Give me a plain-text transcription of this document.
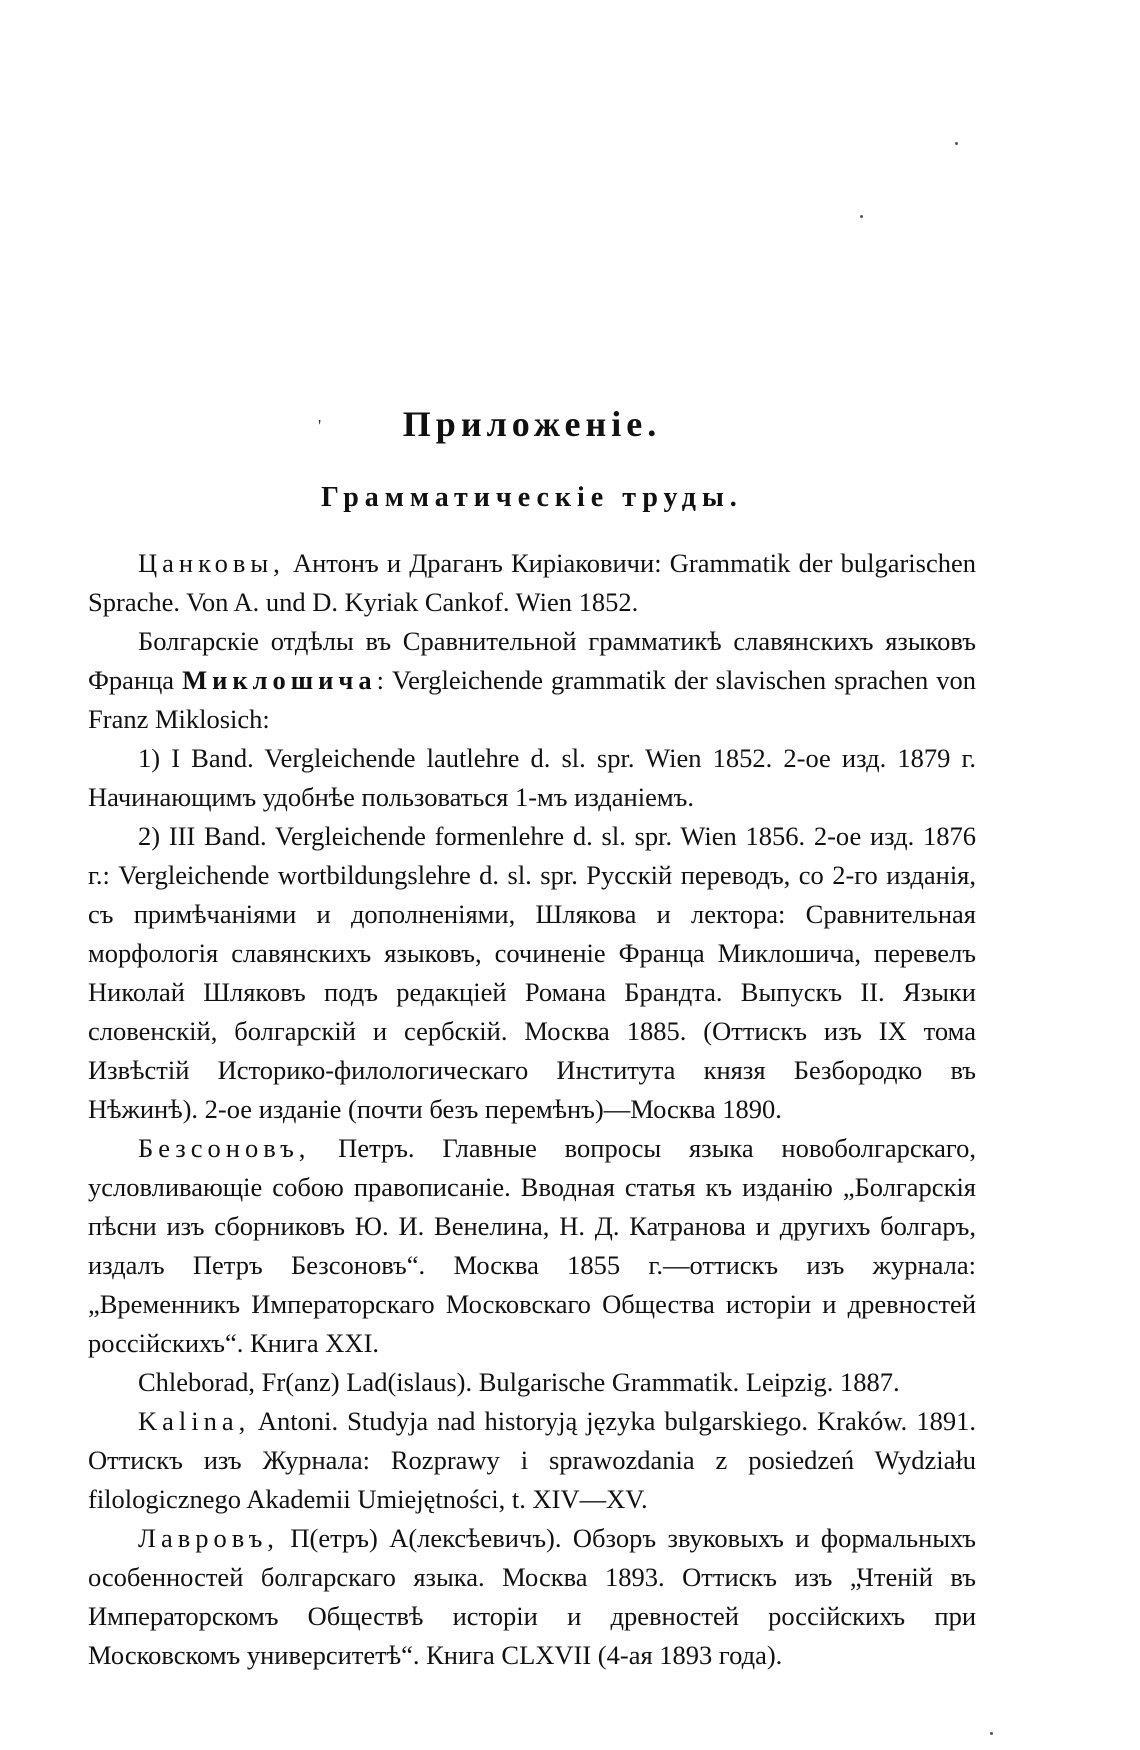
'	Приложеніе.
Грамматическіе труды.

Цанковы, Антонъ и Драганъ Киріаковичи: Grammatik der bulgarischen Sprache. Von A. und D. Kyriak Cankof. Wien 1852.

Болгарскіе отдѣлы въ Сравнительной грамматикѣ славянскихъ языковъ Франца Миклошича: Vergleichende grammatik der slavischen sprachen von Franz Miklosich:

1) I Band. Vergleichende lautlehre d. sl. spr. Wien 1852. 2-ое изд. 1879 г. Начинающимъ удобнѣе пользоваться 1-мъ изданіемъ.

2) III Band. Vergleichende formenlehre d. sl. spr. Wien 1856. 2-ое изд. 1876 г.: Vergleichende wortbildungslehre d. sl. spr. Русскій переводъ, со 2-го изданія, съ примѣчаніями и дополненіями, Шлякова и лектора: Сравнительная морфологія славянскихъ языковъ, сочиненіе Франца Миклошича, перевелъ Николай Шляковъ подъ редакціей Романа Брандта. Выпускъ II. Языки словенскій, болгарскій и сербскій. Москва 1885. (Оттискъ изъ IX тома Извѣстій Историко-филологическаго Института князя Безбородко въ Нѣжинѣ). 2-ое изданіе (почти безъ перемѣнъ)—Москва 1890.

Безсоновъ, Петръ. Главные вопросы языка новоболгарскаго, условливающіе собою правописаніе. Вводная статья къ изданію „Болгарскія пѣсни изъ сборниковъ Ю. И. Венелина, Н. Д. Катранова и другихъ болгаръ, издалъ Петръ Безсоновъ“. Москва 1855 г.—оттискъ изъ журнала: „Временникъ Императорскаго Московскаго Общества исторіи и древностей россійскихъ“. Книга XXI.

Chleborad, Fr(anz) Lad(islaus). Bulgarische Grammatik. Leipzig. 1887.

Kalina, Antoni. Studyja nad historyją języka bulgarskiego. Kraków. 1891. Оттискъ изъ Журнала: Rozprawy i sprawozdania z posiedzeń Wydziału filologicznego Akademii Umiejętności, t. XIV—XV.

Лавровъ, П(етръ) А(лексѣевичъ). Обзоръ звуковыхъ и формальныхъ особенностей болгарскаго языка. Москва 1893. Оттискъ изъ „Чтеній въ Императорскомъ Обществѣ исторіи и древностей россійскихъ при Московскомъ университетѣ“. Книга CLXVII (4-ая 1893 года).
